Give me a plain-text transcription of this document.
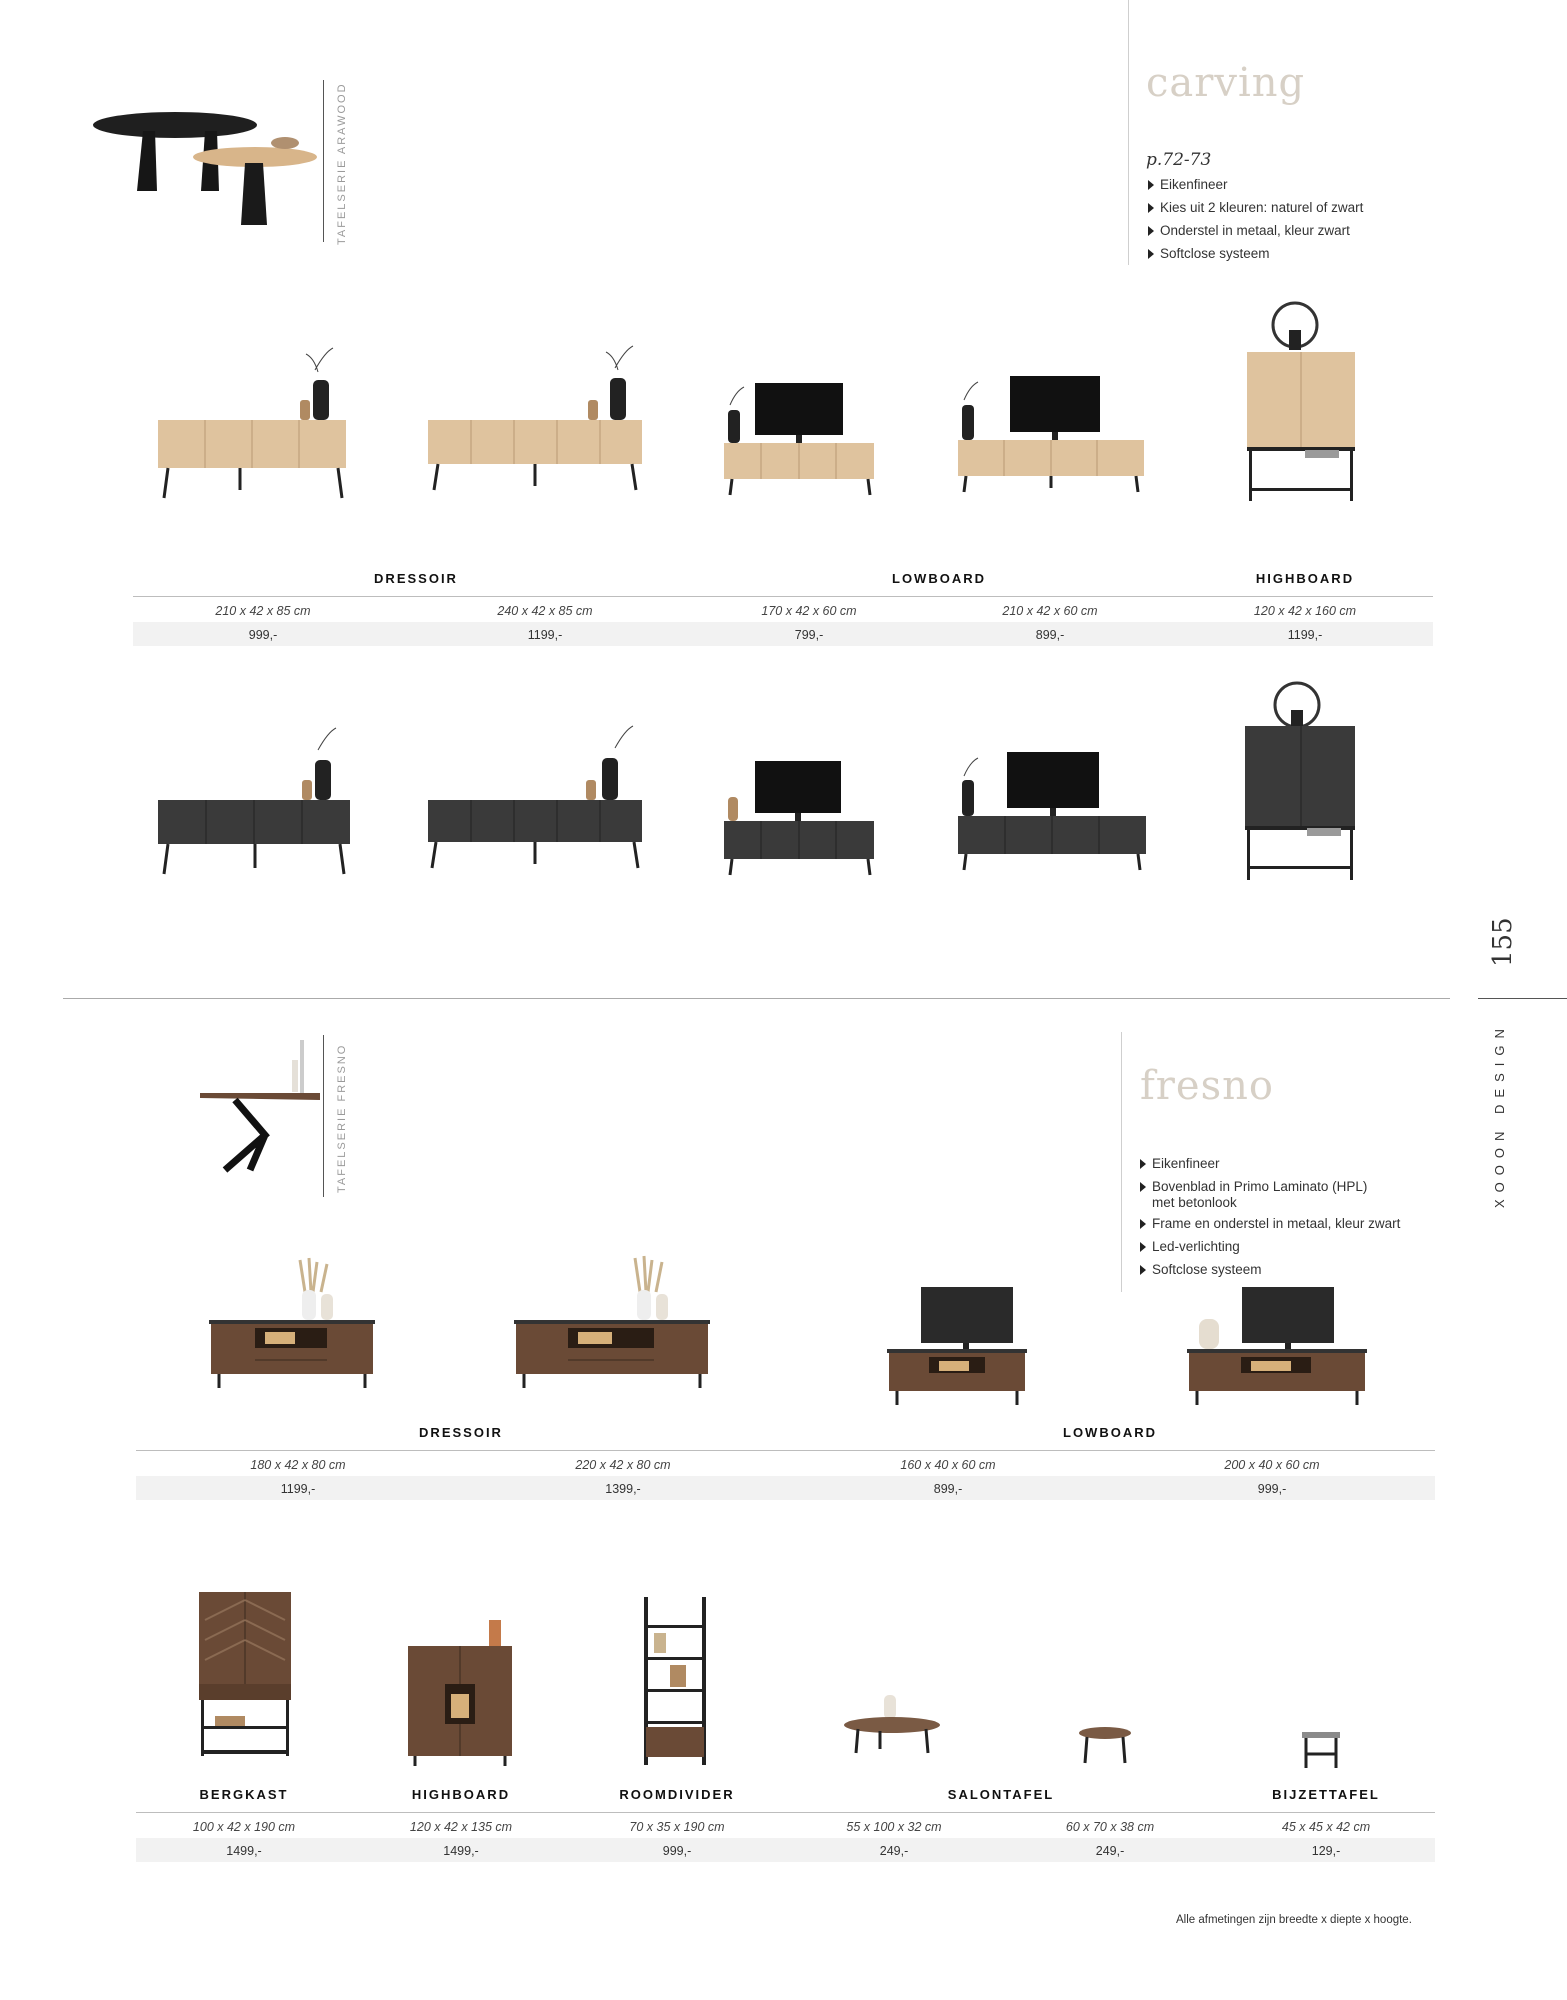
TAFELSERIE ARAWOOD	carving
p.72-73
Eikenfineer
Kies uit 2 kleuren: naturel of zwart
Onderstel in metaal, kleur zwart
Softclose systeem
DRESSOIR	LOWBOARD	HIGHBOARD
210 x 42 x 85 cm	240 x 42 x 85 cm	170 x 42 x 60 cm	210 x 42 x 60 cm	120 x 42 x 160 cm
999,-	1199,-	799,-	899,-	1199,-
155
XOOON DESIGN
TAFELSERIE FRESNO	fresno
Eikenfineer
Bovenblad in Primo Laminato (HPL)
met betonlook
Frame en onderstel in metaal, kleur zwart
Led-verlichting
Softclose systeem
DRESSOIR	LOWBOARD
180 x 42 x 80 cm	220 x 42 x 80 cm	160 x 40 x 60 cm	200 x 40 x 60 cm
1199,-	1399,-	899,-	999,-
BERGKAST	HIGHBOARD	ROOMDIVIDER	SALONTAFEL	BIJZETTAFEL
100 x 42 x 190 cm	120 x 42 x 135 cm	70 x 35 x 190 cm	55 x 100 x 32 cm	60 x 70 x 38 cm	45 x 45 x 42 cm
1499,-	1499,-	999,-	249,-	249,-	129,-
Alle afmetingen zijn breedte x diepte x hoogte.
